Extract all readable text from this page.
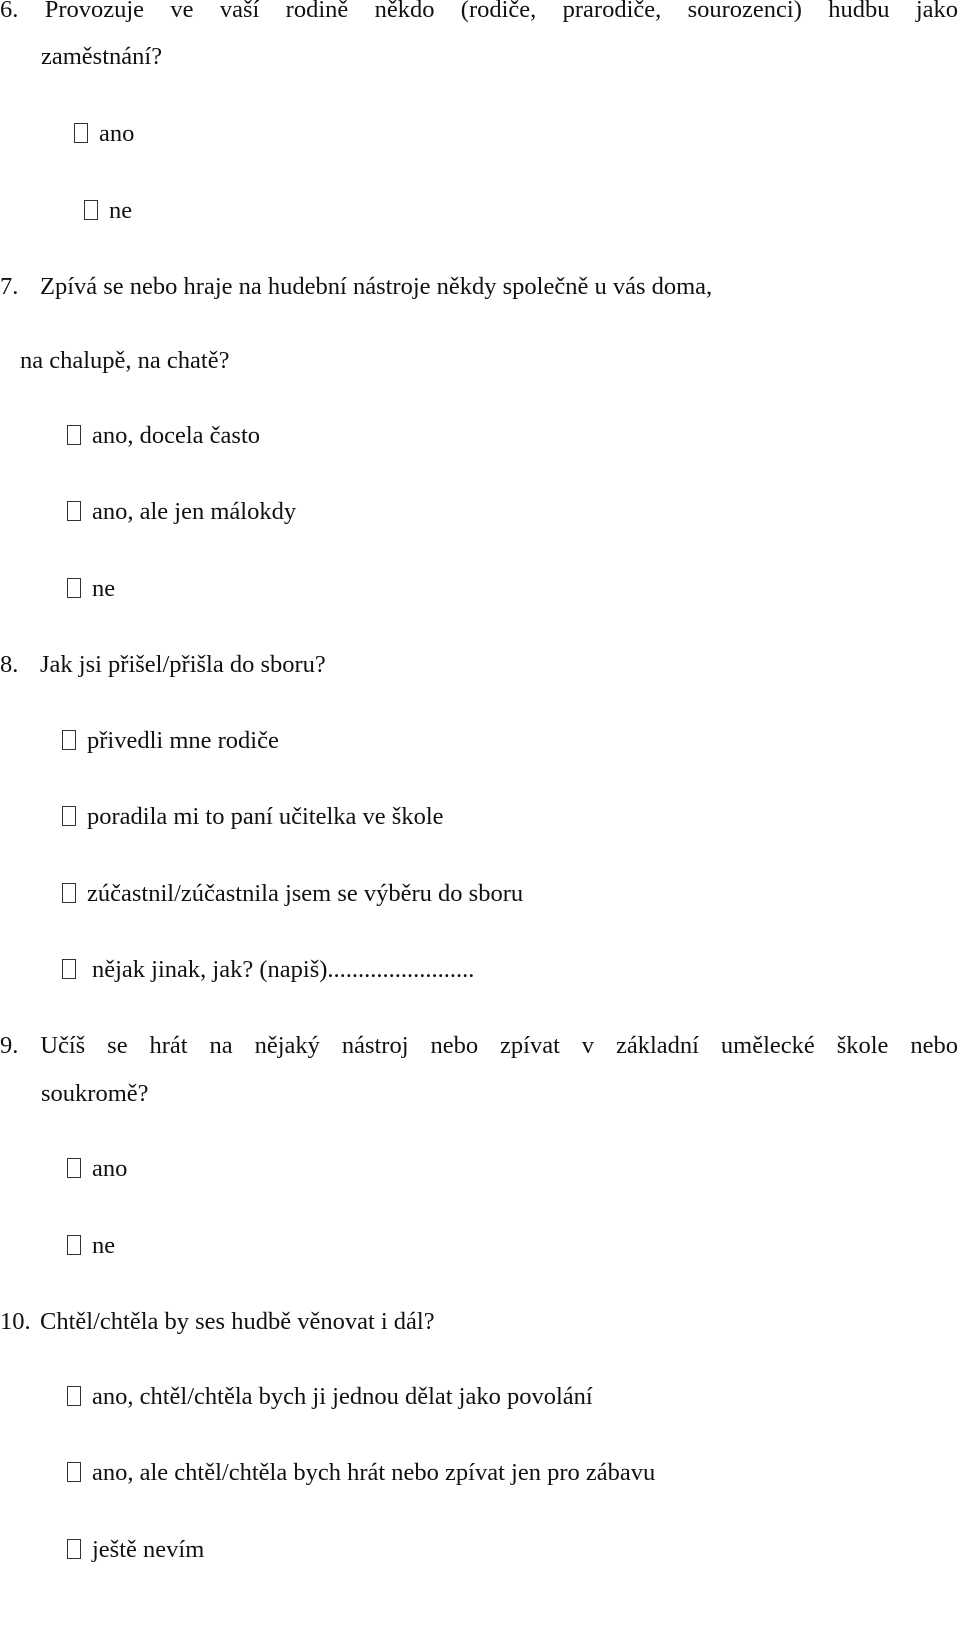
6. Provozuje ve vaší rodině někdo (rodiče, prarodiče, sourozenci) hudbu jako
zaměstnání?
ano
ne
7. Zpívá se nebo hraje na hudební nástroje někdy společně u vás doma,
na chalupě, na chatě?
ano, docela často
ano, ale jen málokdy
ne
8. Jak jsi přišel/přišla do sboru?
přivedli mne rodiče
poradila mi to paní učitelka ve škole
zúčastnil/zúčastnila jsem se výběru do sboru
nějak jinak, jak? (napiš)........................
9. Učíš se hrát na nějaký nástroj nebo zpívat v základní umělecké škole nebo
soukromě?
ano
ne
10. Chtěl/chtěla by ses hudbě věnovat i dál?
ano, chtěl/chtěla bych ji jednou dělat jako povolání
ano, ale chtěl/chtěla bych hrát nebo zpívat jen pro zábavu
ještě nevím
